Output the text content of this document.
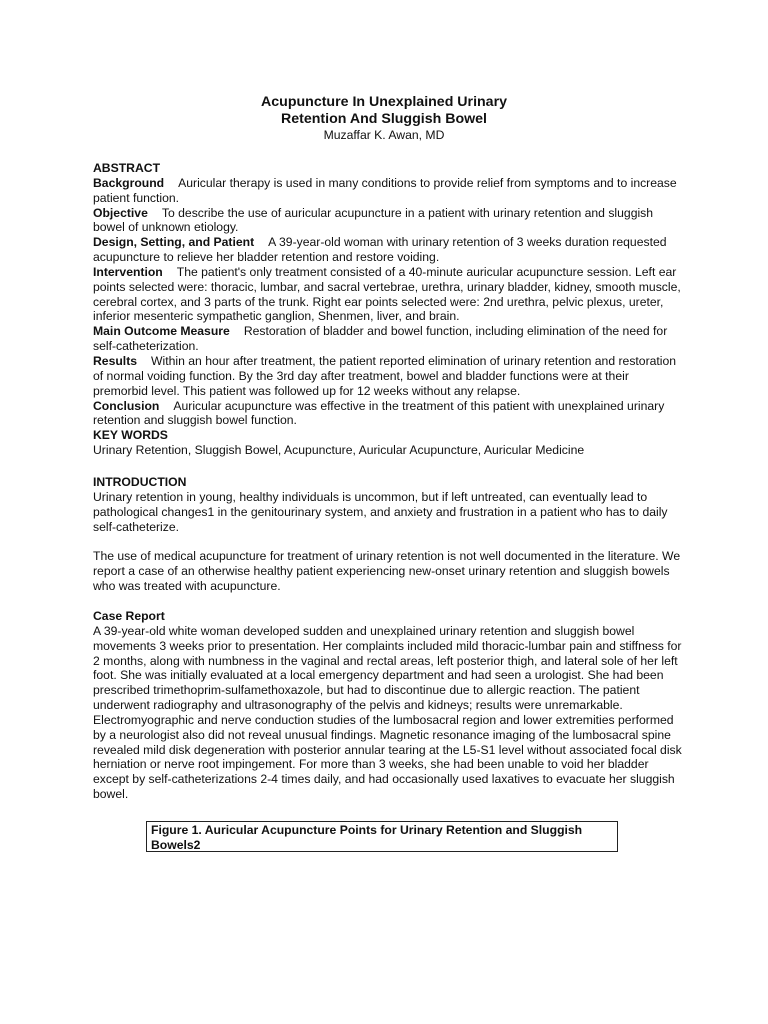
Acupuncture In Unexplained Urinary
Retention And Sluggish Bowel
Muzaffar K. Awan, MD
ABSTRACT

Background Auricular therapy is used in many conditions to provide relief from symptoms and to increase patient function.

Objective To describe the use of auricular acupuncture in a patient with urinary retention and sluggish bowel of unknown etiology.

Design, Setting, and Patient A 39-year-old woman with urinary retention of 3 weeks duration requested acupuncture to relieve her bladder retention and restore voiding.

Intervention The patient's only treatment consisted of a 40-minute auricular acupuncture session. Left ear points selected were: thoracic, lumbar, and sacral vertebrae, urethra, urinary bladder, kidney, smooth muscle, cerebral cortex, and 3 parts of the trunk. Right ear points selected were: 2nd urethra, pelvic plexus, ureter, inferior mesenteric sympathetic ganglion, Shenmen, liver, and brain.

Main Outcome Measure Restoration of bladder and bowel function, including elimination of the need for self-catheterization.

Results Within an hour after treatment, the patient reported elimination of urinary retention and restoration of normal voiding function. By the 3rd day after treatment, bowel and bladder functions were at their premorbid level. This patient was followed up for 12 weeks without any relapse.

Conclusion Auricular acupuncture was effective in the treatment of this patient with unexplained urinary retention and sluggish bowel function.

KEY WORDS

Urinary Retention, Sluggish Bowel, Acupuncture, Auricular Acupuncture, Auricular Medicine

INTRODUCTION

Urinary retention in young, healthy individuals is uncommon, but if left untreated, can eventually lead to pathological changes1 in the genitourinary system, and anxiety and frustration in a patient who has to daily self-catheterize.

The use of medical acupuncture for treatment of urinary retention is not well documented in the literature. We report a case of an otherwise healthy patient experiencing new-onset urinary retention and sluggish bowels who was treated with acupuncture.

Case Report

A 39-year-old white woman developed sudden and unexplained urinary retention and sluggish bowel movements 3 weeks prior to presentation. Her complaints included mild thoracic-lumbar pain and stiffness for 2 months, along with numbness in the vaginal and rectal areas, left posterior thigh, and lateral sole of her left foot. She was initially evaluated at a local emergency department and had seen a urologist. She had been prescribed trimethoprim-sulfamethoxazole, but had to discontinue due to allergic reaction. The patient underwent radiography and ultrasonography of the pelvis and kidneys; results were unremarkable. Electromyographic and nerve conduction studies of the lumbosacral region and lower extremities performed by a neurologist also did not reveal unusual findings. Magnetic resonance imaging of the lumbosacral spine revealed mild disk degeneration with posterior annular tearing at the L5-S1 level without associated focal disk herniation or nerve root impingement. For more than 3 weeks, she had been unable to void her bladder except by self-catheterizations 2-4 times daily, and had occasionally used laxatives to evacuate her sluggish bowel.

Figure 1. Auricular Acupuncture Points for Urinary Retention and Sluggish Bowels2
